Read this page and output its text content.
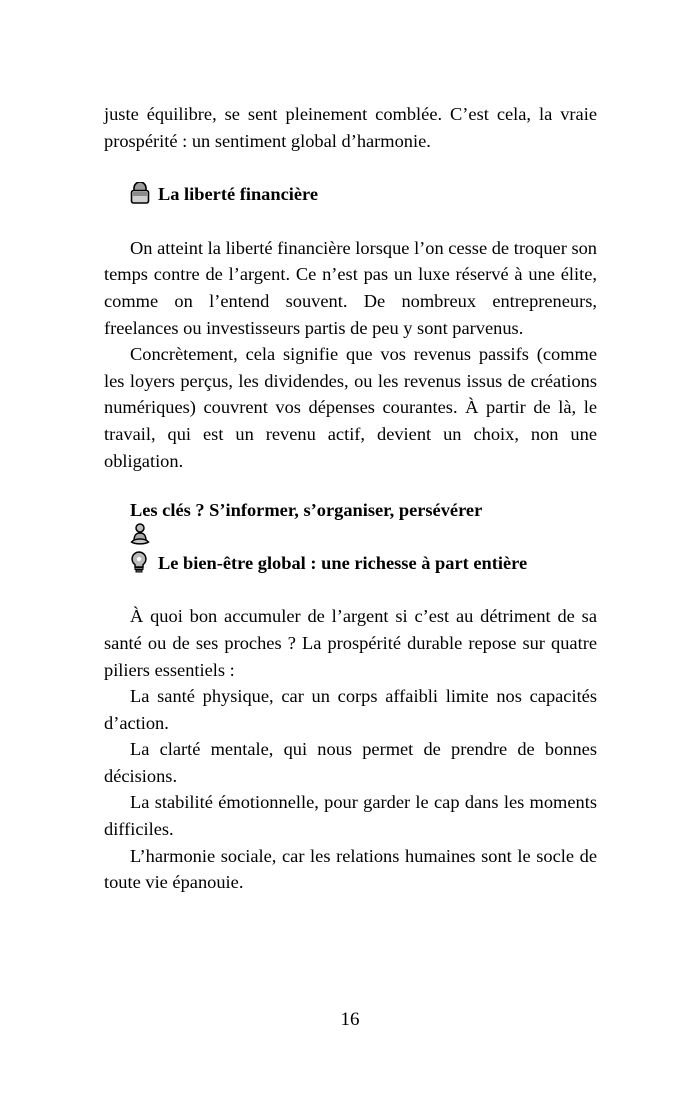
juste équilibre, se sent pleinement comblée. C’est cela, la vraie prospérité : un sentiment global d’harmonie.

La liberté financière

On atteint la liberté financière lorsque l’on cesse de troquer son temps contre de l’argent. Ce n’est pas un luxe réservé à une élite, comme on l’entend souvent. De nombreux entrepreneurs, freelances ou investisseurs partis de peu y sont parvenus.

Concrètement, cela signifie que vos revenus passifs (comme les loyers perçus, les dividendes, ou les revenus issus de créations numériques) couvrent vos dépenses courantes. À partir de là, le travail, qui est un revenu actif, devient un choix, non une obligation.

Les clés ? S’informer, s’organiser, persévérer

Le bien-être global : une richesse à part entière

À quoi bon accumuler de l’argent si c’est au détriment de sa santé ou de ses proches ? La prospérité durable repose sur quatre piliers essentiels :

La santé physique, car un corps affaibli limite nos capacités d’action.

La clarté mentale, qui nous permet de prendre de bonnes décisions.

La stabilité émotionnelle, pour garder le cap dans les moments difficiles.

L’harmonie sociale, car les relations humaines sont le socle de toute vie épanouie.

16
